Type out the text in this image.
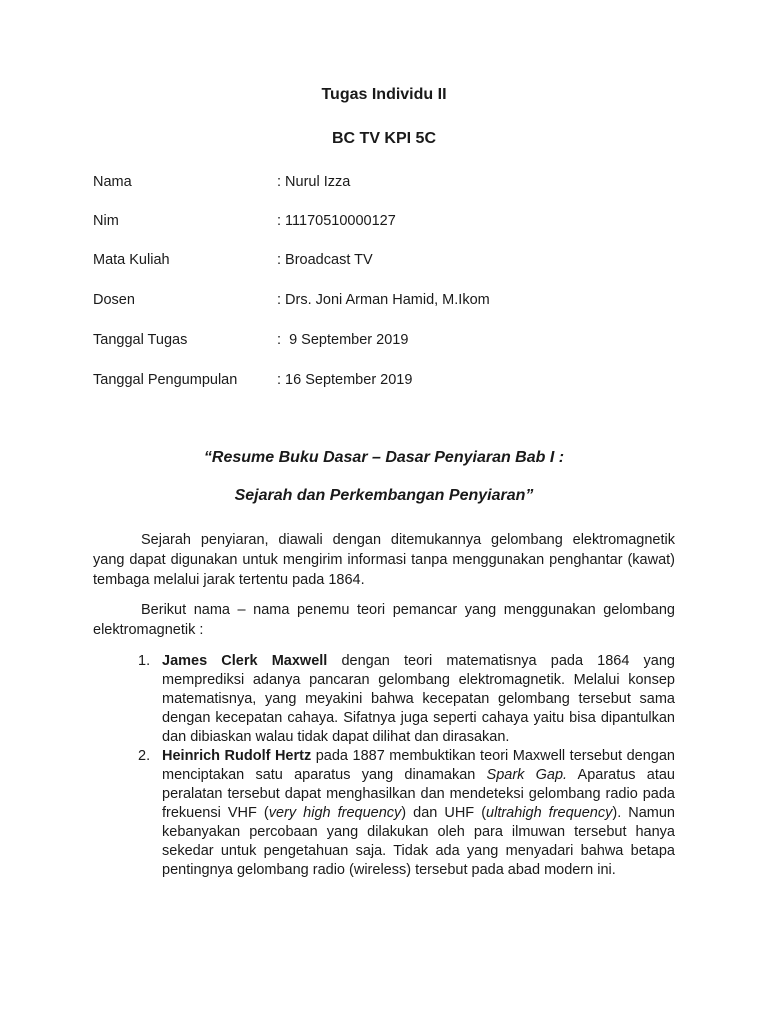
Tugas Individu II
BC TV KPI 5C
Nama	: Nurul Izza
Nim	: 11170510000127
Mata Kuliah	: Broadcast TV
Dosen	: Drs. Joni Arman Hamid, M.Ikom
Tanggal Tugas	:  9 September 2019
Tanggal Pengumpulan	: 16 September 2019
“Resume Buku Dasar – Dasar Penyiaran Bab I :
Sejarah dan Perkembangan Penyiaran”

Sejarah penyiaran, diawali dengan ditemukannya gelombang elektromagnetik yang dapat digunakan untuk mengirim informasi tanpa menggunakan penghantar (kawat) tembaga melalui jarak tertentu pada 1864.

Berikut nama – nama penemu teori pemancar yang menggunakan gelombang elektromagnetik :

1. James Clerk Maxwell dengan teori matematisnya pada 1864 yang memprediksi adanya pancaran gelombang elektromagnetik. Melalui konsep matematisnya, yang meyakini bahwa kecepatan gelombang tersebut sama dengan kecepatan cahaya. Sifatnya juga seperti cahaya yaitu bisa dipantulkan dan dibiaskan walau tidak dapat dilihat dan dirasakan.
2. Heinrich Rudolf Hertz pada 1887 membuktikan teori Maxwell tersebut dengan menciptakan satu aparatus yang dinamakan Spark Gap. Aparatus atau peralatan tersebut dapat menghasilkan dan mendeteksi gelombang radio pada frekuensi VHF (very high frequency) dan UHF (ultrahigh frequency). Namun kebanyakan percobaan yang dilakukan oleh para ilmuwan tersebut hanya sekedar untuk pengetahuan saja. Tidak ada yang menyadari bahwa betapa pentingnya gelombang radio (wireless) tersebut pada abad modern ini.
